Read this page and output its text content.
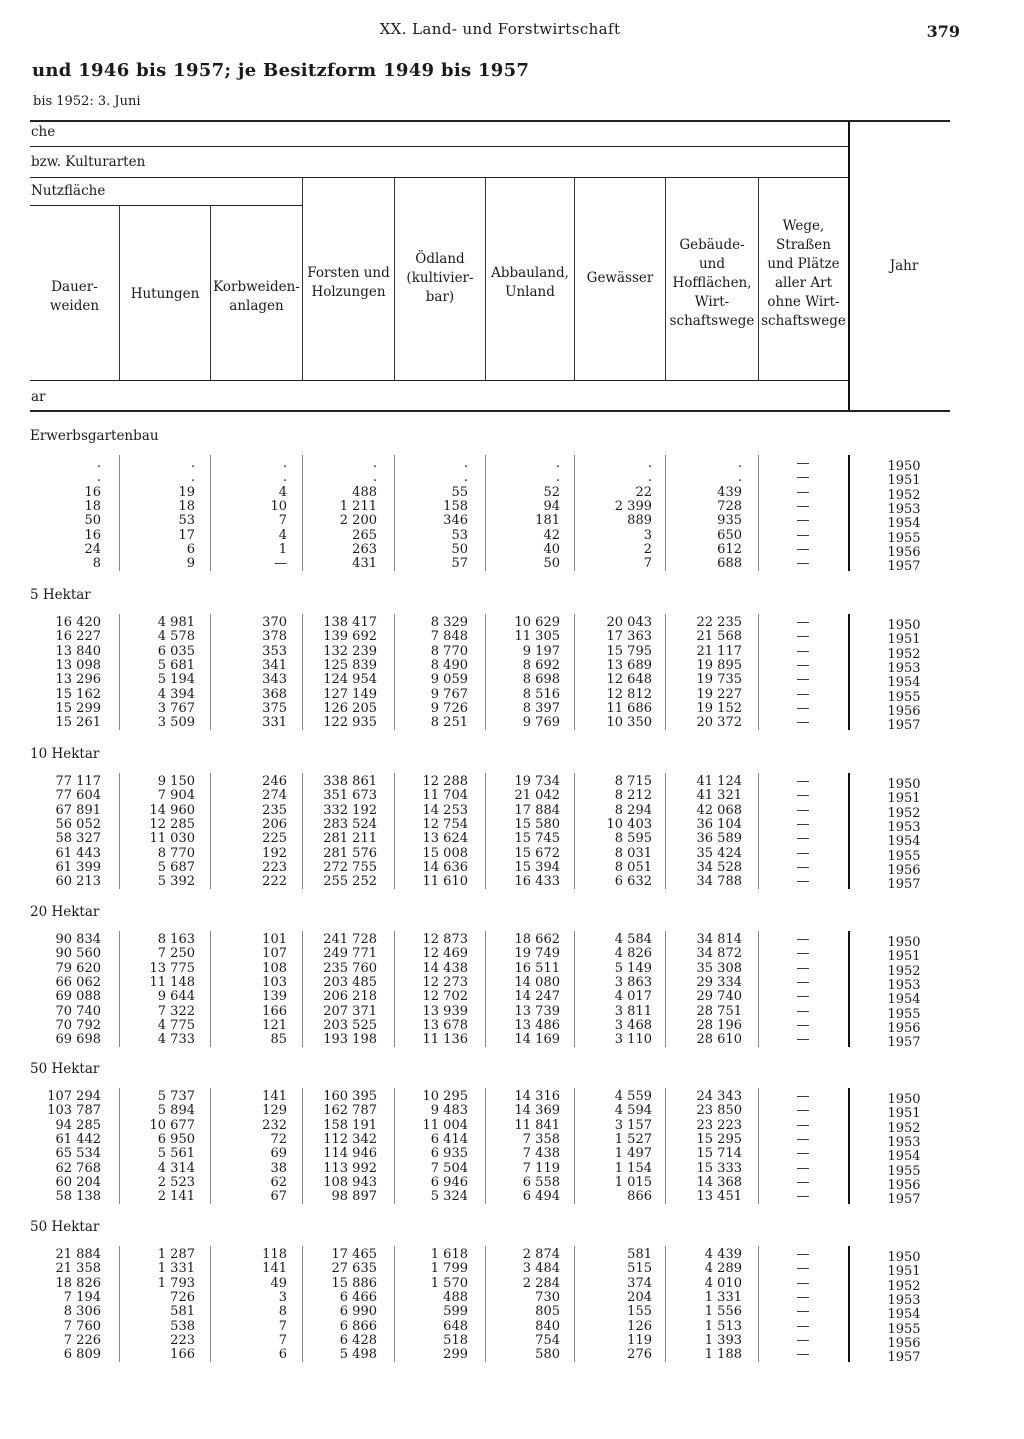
XX. Land- und Forstwirtschaft	379
und 1946 bis 1957; je Besitzform 1949 bis 1957
bis 1952: 3. Juni
che
bzw. Kulturarten
Nutzfläche
ar
Dauer-
weiden
Hutungen	Korbweiden-
anlagen
Forsten und
Holzungen
Ödland
(kultivier-
bar)
Abbauland,
Unland
Gewässer
Gebäude-
und
Hofflächen,
Wirt-
schaftswege
Wege,
Straßen
und Plätze
aller Art
ohne Wirt-
schaftswege
Jahr
Erwerbsgartenbau
.	.	.	.	.	.	.	.	—	1950
.	.	.	.	.	.	.	.	—	1951
16	19	4	488	55	52	22	439	—	1952
18	18	10	1 211	158	94	2 399	728	—	1953
50	53	7	2 200	346	181	889	935	—	1954
16	17	4	265	53	42	3	650	—	1955
24	6	1	263	50	40	2	612	—	1956
8	9	—	431	57	50	7	688	—	1957
5 Hektar
16 420	4 981	370	138 417	8 329	10 629	20 043	22 235	—	1950
16 227	4 578	378	139 692	7 848	11 305	17 363	21 568	—	1951
13 840	6 035	353	132 239	8 770	9 197	15 795	21 117	—	1952
13 098	5 681	341	125 839	8 490	8 692	13 689	19 895	—	1953
13 296	5 194	343	124 954	9 059	8 698	12 648	19 735	—	1954
15 162	4 394	368	127 149	9 767	8 516	12 812	19 227	—	1955
15 299	3 767	375	126 205	9 726	8 397	11 686	19 152	—	1956
15 261	3 509	331	122 935	8 251	9 769	10 350	20 372	—	1957
10 Hektar
77 117	9 150	246	338 861	12 288	19 734	8 715	41 124	—	1950
77 604	7 904	274	351 673	11 704	21 042	8 212	41 321	—	1951
67 891	14 960	235	332 192	14 253	17 884	8 294	42 068	—	1952
56 052	12 285	206	283 524	12 754	15 580	10 403	36 104	—	1953
58 327	11 030	225	281 211	13 624	15 745	8 595	36 589	—	1954
61 443	8 770	192	281 576	15 008	15 672	8 031	35 424	—	1955
61 399	5 687	223	272 755	14 636	15 394	8 051	34 528	—	1956
60 213	5 392	222	255 252	11 610	16 433	6 632	34 788	—	1957
20 Hektar
90 834	8 163	101	241 728	12 873	18 662	4 584	34 814	—	1950
90 560	7 250	107	249 771	12 469	19 749	4 826	34 872	—	1951
79 620	13 775	108	235 760	14 438	16 511	5 149	35 308	—	1952
66 062	11 148	103	203 485	12 273	14 080	3 863	29 334	—	1953
69 088	9 644	139	206 218	12 702	14 247	4 017	29 740	—	1954
70 740	7 322	166	207 371	13 939	13 739	3 811	28 751	—	1955
70 792	4 775	121	203 525	13 678	13 486	3 468	28 196	—	1956
69 698	4 733	85	193 198	11 136	14 169	3 110	28 610	—	1957
50 Hektar
107 294	5 737	141	160 395	10 295	14 316	4 559	24 343	—	1950
103 787	5 894	129	162 787	9 483	14 369	4 594	23 850	—	1951
94 285	10 677	232	158 191	11 004	11 841	3 157	23 223	—	1952
61 442	6 950	72	112 342	6 414	7 358	1 527	15 295	—	1953
65 534	5 561	69	114 946	6 935	7 438	1 497	15 714	—	1954
62 768	4 314	38	113 992	7 504	7 119	1 154	15 333	—	1955
60 204	2 523	62	108 943	6 946	6 558	1 015	14 368	—	1956
58 138	2 141	67	98 897	5 324	6 494	866	13 451	—	1957
50 Hektar
21 884	1 287	118	17 465	1 618	2 874	581	4 439	—	1950
21 358	1 331	141	27 635	1 799	3 484	515	4 289	—	1951
18 826	1 793	49	15 886	1 570	2 284	374	4 010	—	1952
7 194	726	3	6 466	488	730	204	1 331	—	1953
8 306	581	8	6 990	599	805	155	1 556	—	1954
7 760	538	7	6 866	648	840	126	1 513	—	1955
7 226	223	7	6 428	518	754	119	1 393	—	1956
6 809	166	6	5 498	299	580	276	1 188	—	1957
